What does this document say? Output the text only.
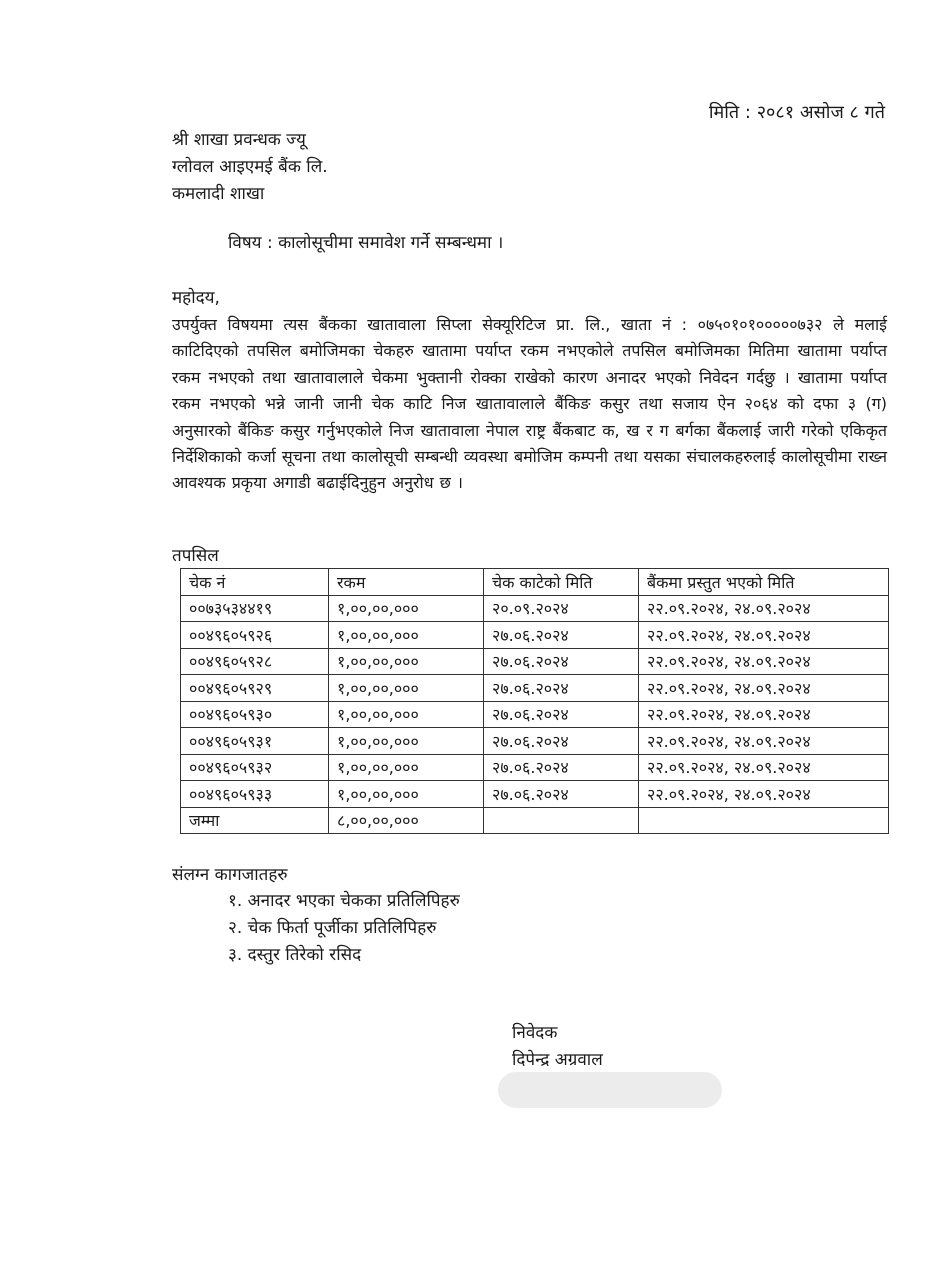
मिति : २०८१ असोज ८ गते
श्री शाखा प्रवन्धक ज्यू
ग्लोवल आइएमई बैंक लि.
कमलादी शाखा
विषय : कालोसूचीमा समावेश गर्ने सम्बन्धमा ।
महोदय,
उपर्युक्त विषयमा त्यस बैंकका खातावाला सिप्ला सेक्यूरिटिज प्रा. लि., खाता नं : ०७५०१०१०००००७३२ ले मलाई काटिदिएको तपसिल बमोजिमका चेकहरु खातामा पर्याप्त रकम नभएकोले तपसिल बमोजिमका मितिमा खातामा पर्याप्त रकम नभएको तथा खातावालाले चेकमा भुक्तानी रोक्का राखेको कारण अनादर भएको निवेदन गर्दछु । खातामा पर्याप्त रकम नभएको भन्ने जानी जानी चेक काटि निज खातावालाले बैंकिङ कसुर तथा सजाय ऐन २०६४ को दफा ३ (ग) अनुसारको बैंकिङ कसुर गर्नुभएकोले निज खातावाला नेपाल राष्ट्र बैंकबाट क, ख र ग बर्गका बैंकलाई जारी गरेको एकिकृत निर्देशिकाको कर्जा सूचना तथा कालोसूची सम्बन्धी व्यवस्था बमोजिम कम्पनी तथा यसका संचालकहरुलाई कालोसूचीमा राख्न आवश्यक प्रकृया अगाडी बढाईदिनुहुन अनुरोध छ ।
तपसिल
चेक नं	रकम	चेक काटेको मिति	बैंकमा प्रस्तुत भएको मिति
००७३५३४४१९	१,००,००,०००	२०.०९.२०२४	२२.०९.२०२४, २४.०९.२०२४
००४९६०५९२६	१,००,००,०००	२७.०६.२०२४	२२.०९.२०२४, २४.०९.२०२४
००४९६०५९२८	१,००,००,०००	२७.०६.२०२४	२२.०९.२०२४, २४.०९.२०२४
००४९६०५९२९	१,००,००,०००	२७.०६.२०२४	२२.०९.२०२४, २४.०९.२०२४
००४९६०५९३०	१,००,००,०००	२७.०६.२०२४	२२.०९.२०२४, २४.०९.२०२४
००४९६०५९३१	१,००,००,०००	२७.०६.२०२४	२२.०९.२०२४, २४.०९.२०२४
००४९६०५९३२	१,००,००,०००	२७.०६.२०२४	२२.०९.२०२४, २४.०९.२०२४
००४९६०५९३३	१,००,००,०००	२७.०६.२०२४	२२.०९.२०२४, २४.०९.२०२४
जम्मा	८,००,००,०००		
संलग्न कागजातहरु
१. अनादर भएका चेकका प्रतिलिपिहरु
२. चेक फिर्ता पूर्जीका प्रतिलिपिहरु
३. दस्तुर तिरेको रसिद
निवेदक
दिपेन्द्र अग्रवाल
